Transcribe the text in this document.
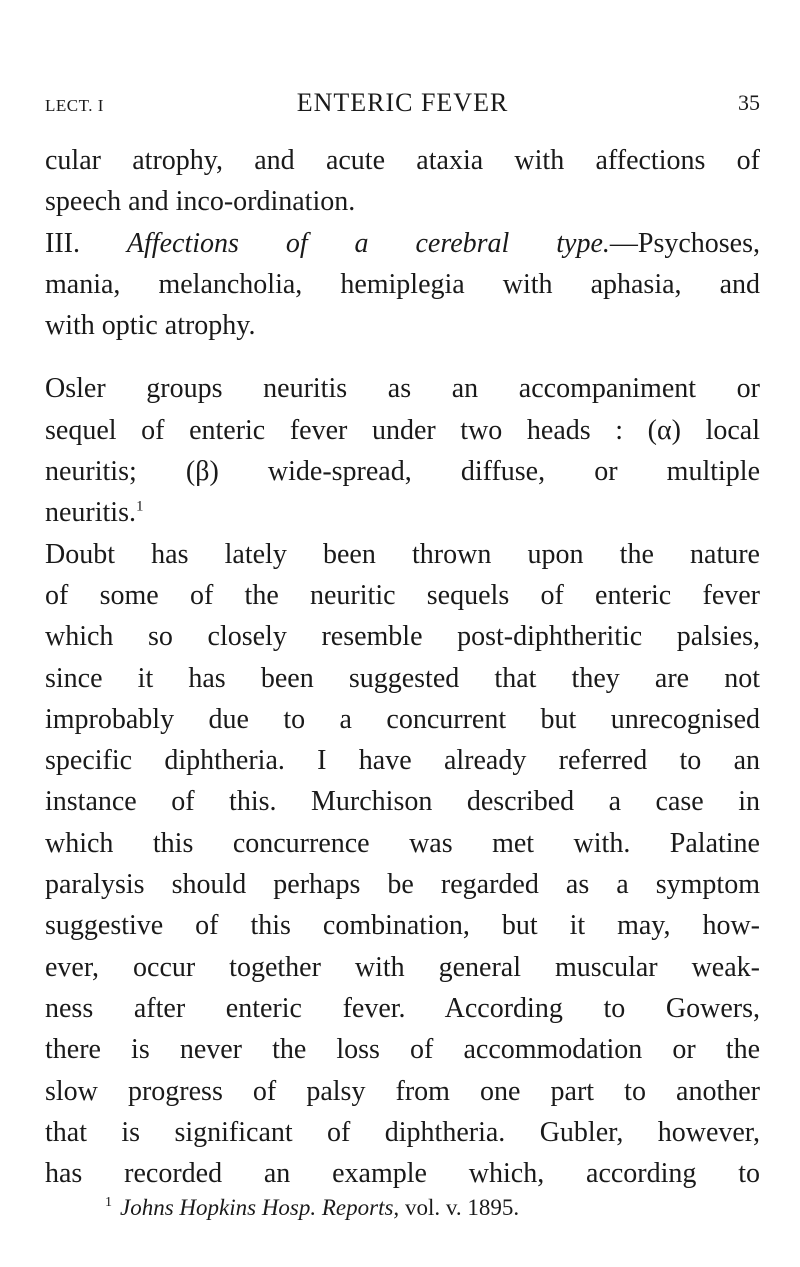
LECT. I	ENTERIC FEVER	35
cular atrophy, and acute ataxia with affections of
speech and inco-ordination.
III. Affections of a cerebral type.—Psychoses,
mania, melancholia, hemiplegia with aphasia, and
with optic atrophy.
Osler groups neuritis as an accompaniment or
sequel of enteric fever under two heads : (α) local
neuritis; (β) wide-spread, diffuse, or multiple
neuritis.$^1$
Doubt has lately been thrown upon the nature
of some of the neuritic sequels of enteric fever
which so closely resemble post-diphtheritic palsies,
since it has been suggested that they are not
improbably due to a concurrent but unrecognised
specific diphtheria. I have already referred to an
instance of this. Murchison described a case in
which this concurrence was met with. Palatine
paralysis should perhaps be regarded as a symptom
suggestive of this combination, but it may, how-
ever, occur together with general muscular weak-
ness after enteric fever. According to Gowers,
there is never the loss of accommodation or the
slow progress of palsy from one part to another
that is significant of diphtheria. Gubler, however,
has recorded an example which, according to
$^1$ Johns Hopkins Hosp. Reports, vol. v. 1895.
